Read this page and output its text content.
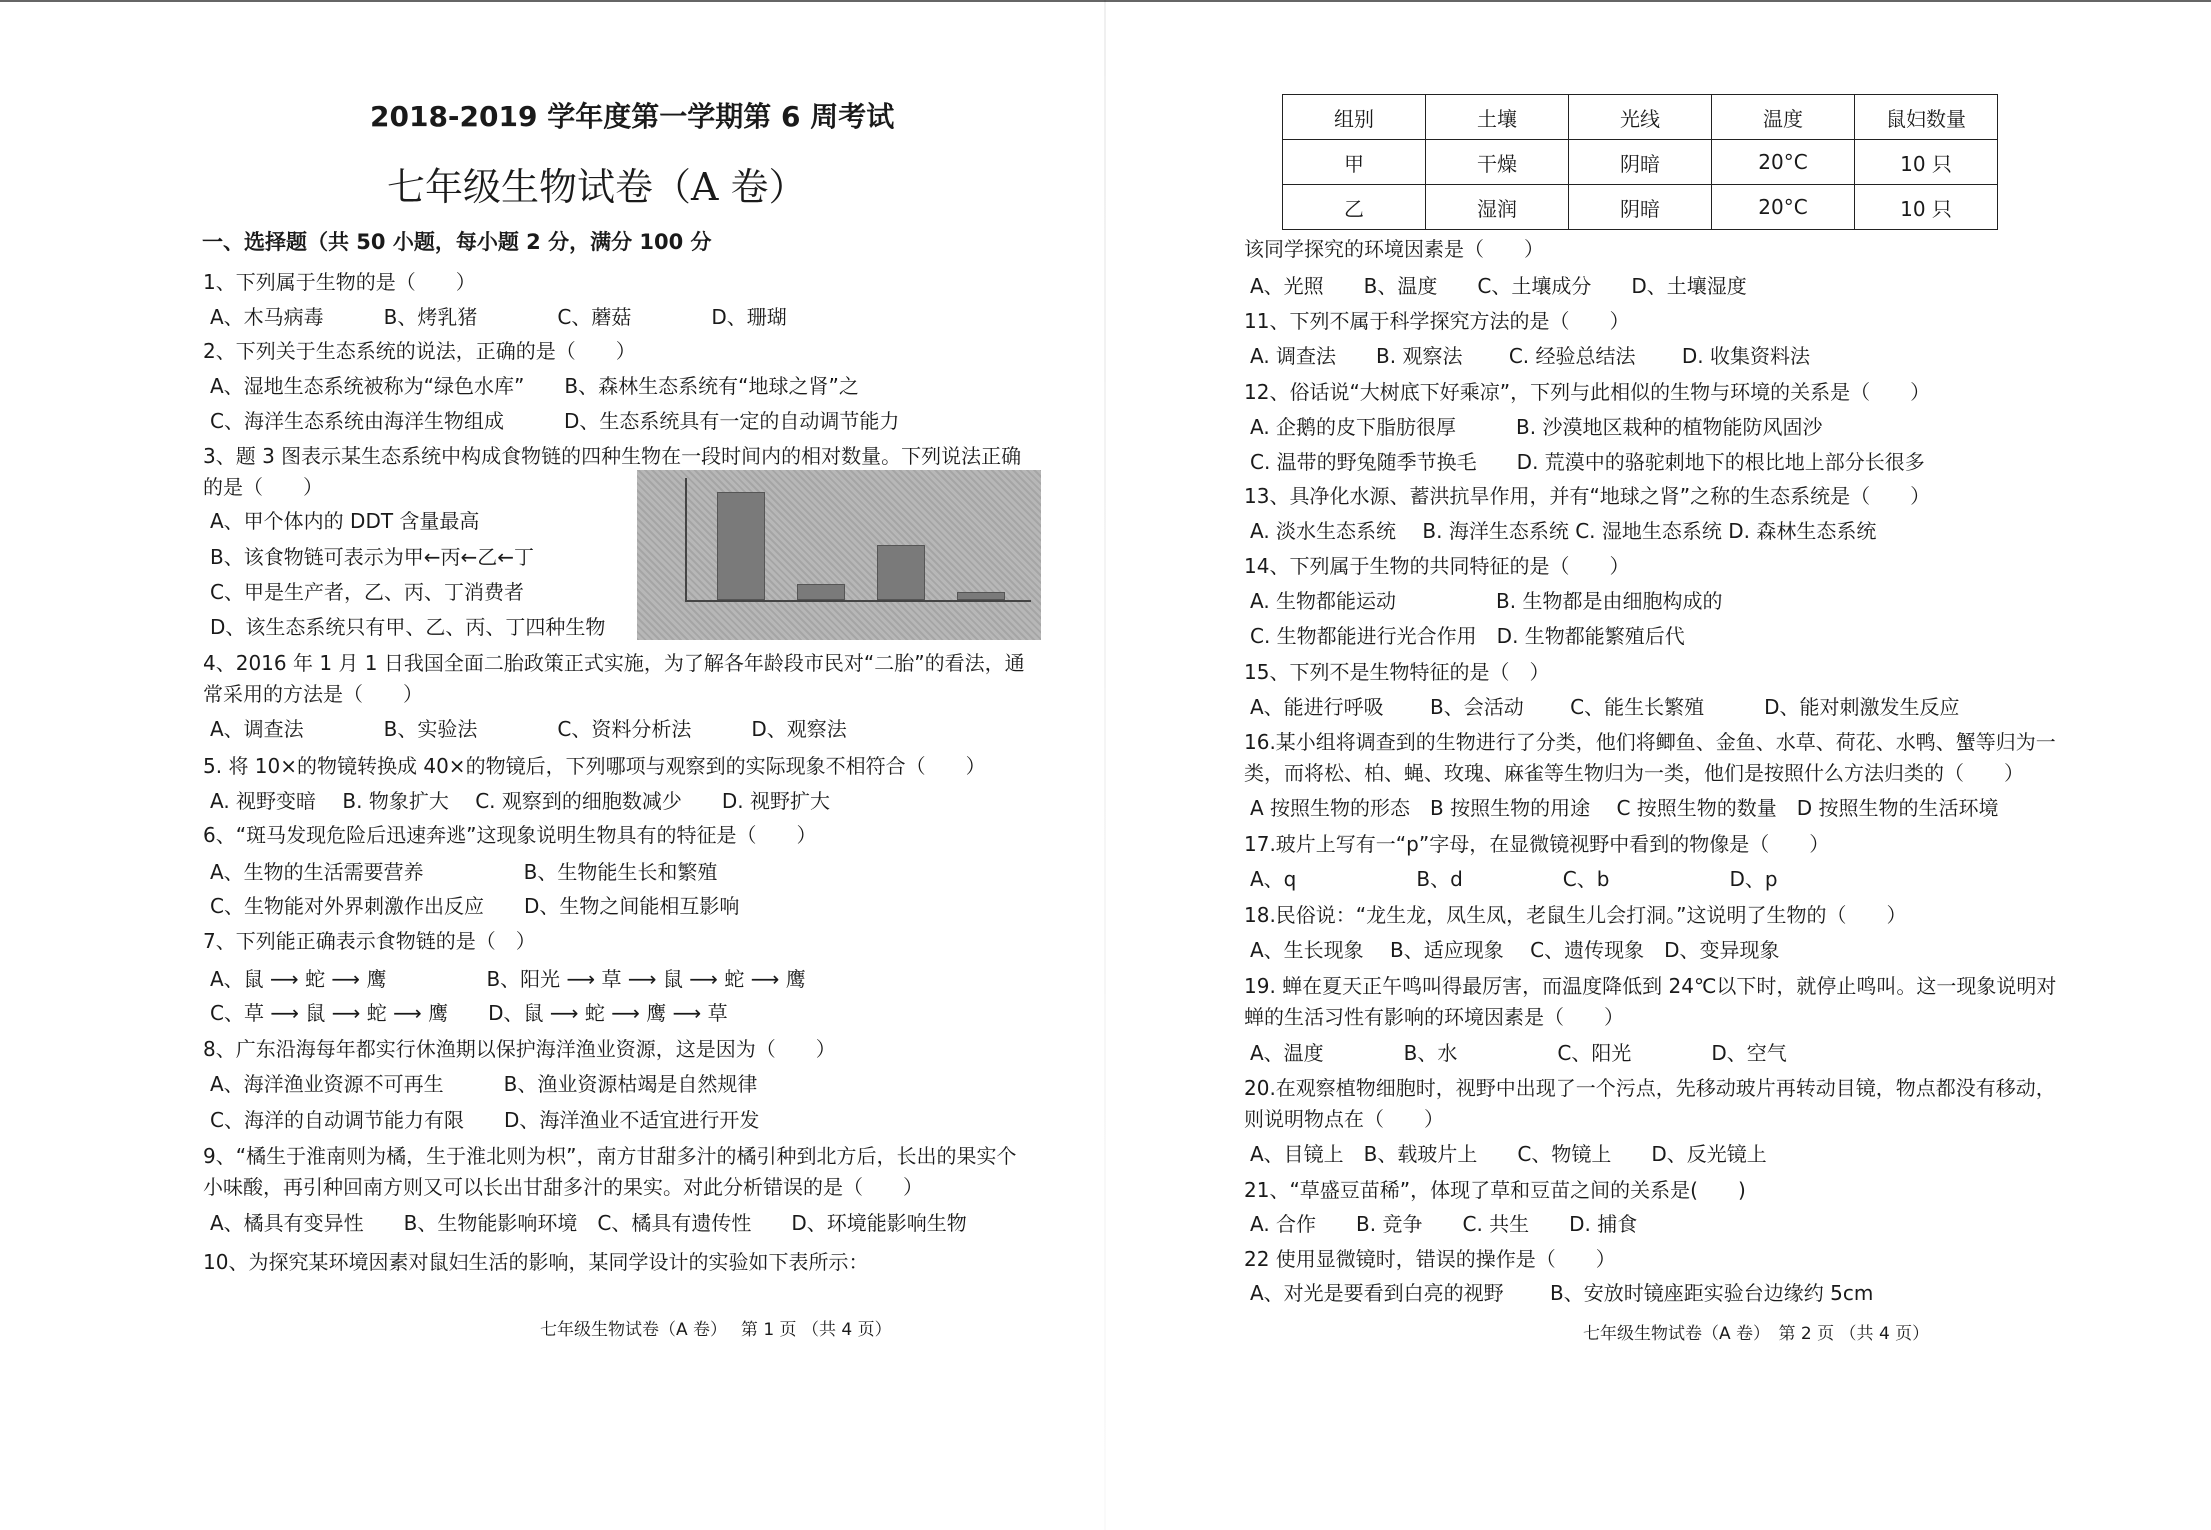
2018-2019 学年度第一学期第 6 周考试
七年级生物试卷（A 卷）
一、选择题（共 50 小题，每小题 2 分，满分 100 分
1、下列属于生物的是（　　）
A、木马病毒　　　B、烤乳猪　　　　C、蘑菇　　　　D、珊瑚
2、下列关于生态系统的说法，正确的是（　　）
A、湿地生态系统被称为“绿色水库”　　B、森林生态系统有“地球之肾”之
C、海洋生态系统由海洋生物组成　　　D、生态系统具有一定的自动调节能力
3、题 3 图表示某生态系统中构成食物链的四种生物在一段时间内的相对数量。下列说法正确
的是（　　）
A、甲个体内的 DDT 含量最高
B、该食物链可表示为甲←丙←乙←丁
C、甲是生产者，乙、丙、丁消费者
D、该生态系统只有甲、乙、丙、丁四种生物
4、2016 年 1 月 1 日我国全面二胎政策正式实施，为了解各年龄段市民对“二胎”的看法，通
常采用的方法是（　　）
A、调查法　　　　B、实验法　　　　C、资料分析法　　　D、观察法
5. 将 10×的物镜转换成 40×的物镜后，下列哪项与观察到的实际现象不相符合（　　）
A. 视野变暗　 B. 物象扩大　 C. 观察到的细胞数减少　　D. 视野扩大
6、“斑马发现危险后迅速奔逃”这现象说明生物具有的特征是（　　）
A、生物的生活需要营养　　　　　B、生物能生长和繁殖
C、生物能对外界刺激作出反应　　D、生物之间能相互影响
7、下列能正确表示食物链的是（　）
A、鼠 ⟶ 蛇 ⟶ 鹰　　　　　B、阳光 ⟶ 草 ⟶ 鼠 ⟶ 蛇 ⟶ 鹰
C、草 ⟶ 鼠 ⟶ 蛇 ⟶ 鹰　　D、鼠 ⟶ 蛇 ⟶ 鹰 ⟶ 草
8、广东沿海每年都实行休渔期以保护海洋渔业资源，这是因为（　　）
A、海洋渔业资源不可再生　　　B、渔业资源枯竭是自然规律
C、海洋的自动调节能力有限　　D、海洋渔业不适宜进行开发
9、“橘生于淮南则为橘，生于淮北则为枳”，南方甘甜多汁的橘引种到北方后，长出的果实个
小味酸，再引种回南方则又可以长出甘甜多汁的果实。对此分析错误的是（　　）
A、橘具有变异性　　B、生物能影响环境　C、橘具有遗传性　　D、环境能影响生物
10、为探究某环境因素对鼠妇生活的影响，某同学设计的实验如下表所示：
七年级生物试卷（A 卷）　 第 1 页 （共 4 页）
组别	土壤	光线	温度	鼠妇数量
甲	干燥	阴暗	20°C	10 只
乙	湿润	阴暗	20°C	10 只
该同学探究的环境因素是（　　）
A、光照　　B、温度　　C、土壤成分　　D、土壤湿度
11、下列不属于科学探究方法的是（　　）
A. 调查法　　B. 观察法　　 C. 经验总结法　　 D. 收集资料法
12、俗话说“大树底下好乘凉”，下列与此相似的生物与环境的关系是（　　）
A. 企鹅的皮下脂肪很厚　　　B. 沙漠地区栽种的植物能防风固沙
C. 温带的野兔随季节换毛　　D. 荒漠中的骆驼刺地下的根比地上部分长很多
13、具净化水源、蓄洪抗旱作用，并有“地球之肾”之称的生态系统是（　　）
A. 淡水生态系统　 B. 海洋生态系统 C. 湿地生态系统 D. 森林生态系统
14、下列属于生物的共同特征的是（　　）
A. 生物都能运动　　　　　B. 生物都是由细胞构成的
C. 生物都能进行光合作用　D. 生物都能繁殖后代
15、下列不是生物特征的是（　）
A、能进行呼吸　　 B、会活动　　 C、能生长繁殖　　　D、能对刺激发生反应
16.某小组将调查到的生物进行了分类，他们将鲫鱼、金鱼、水草、荷花、水鸭、蟹等归为一
类，而将松、柏、蝇、玫瑰、麻雀等生物归为一类，他们是按照什么方法归类的（　　）
A 按照生物的形态　B 按照生物的用途　 C 按照生物的数量　D 按照生物的生活环境
17.玻片上写有一“p”字母，在显微镜视野中看到的物像是（　　）
A、q　　　　　　B、d　　　　　C、b　　　　　　D、p
18.民俗说：“龙生龙，凤生凤，老鼠生儿会打洞。”这说明了生物的（　　）
A、生长现象　 B、适应现象　 C、遗传现象　D、变异现象
19. 蝉在夏天正午鸣叫得最厉害，而温度降低到 24℃以下时，就停止鸣叫。这一现象说明对
蝉的生活习性有影响的环境因素是（　　）
A、温度　　　　B、水　　　　　C、阳光　　　　D、空气
20.在观察植物细胞时，视野中出现了一个污点，先移动玻片再转动目镜，物点都没有移动，
则说明物点在（　　）
A、目镜上　B、载玻片上　　C、物镜上　　D、反光镜上
21、“草盛豆苗稀”，体现了草和豆苗之间的关系是(　　)
A. 合作　　B. 竞争　　C. 共生　　D. 捕食
22 使用显微镜时，错误的操作是（　　）
A、对光是要看到白亮的视野　　 B、安放时镜座距实验台边缘约 5cm
七年级生物试卷（A 卷）　第 2 页 （共 4 页）
